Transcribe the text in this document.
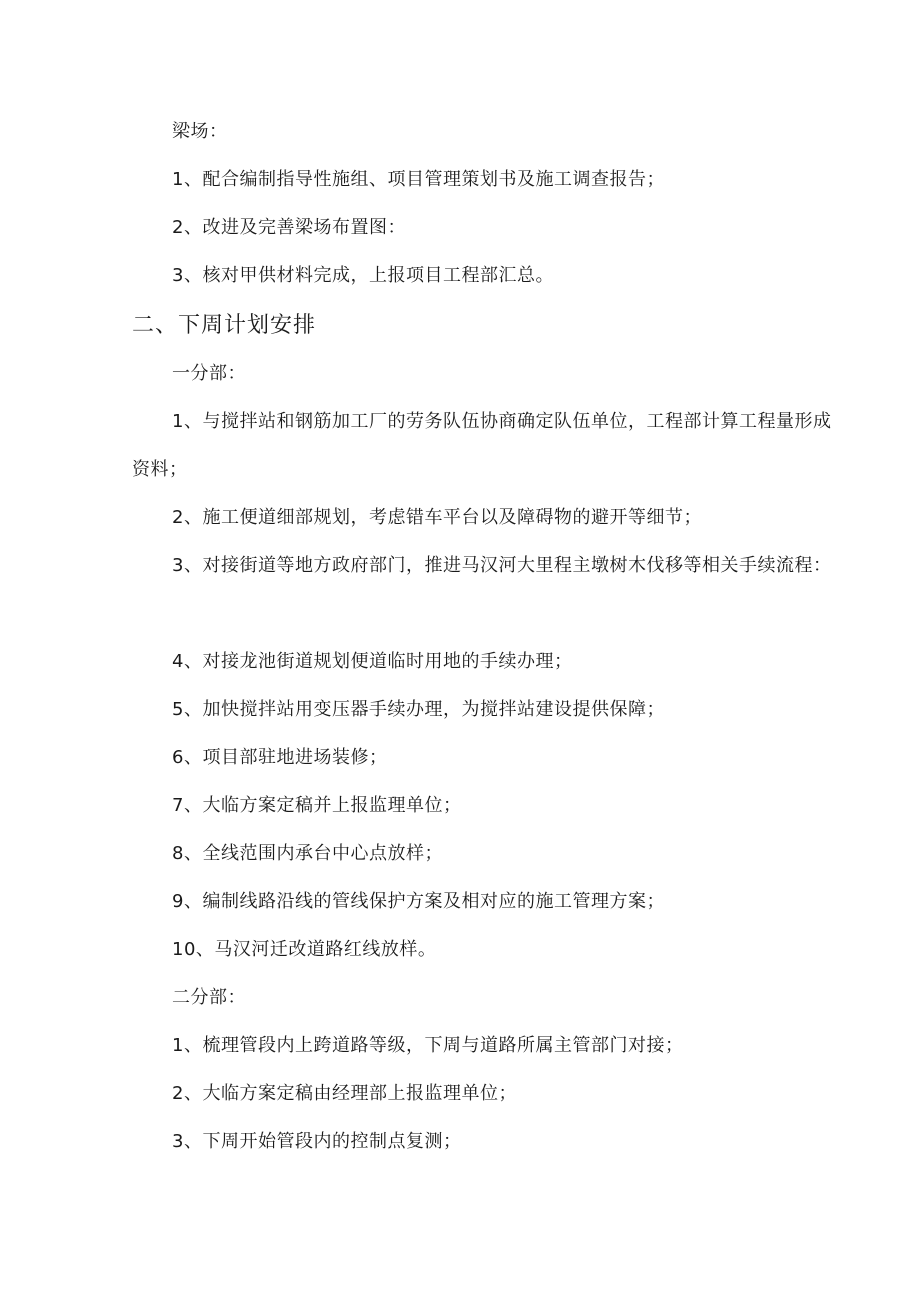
梁场：
1、配合编制指导性施组、项目管理策划书及施工调查报告；
2、改进及完善梁场布置图：
3、核对甲供材料完成，上报项目工程部汇总。
二、下周计划安排
一分部：
1、与搅拌站和钢筋加工厂的劳务队伍协商确定队伍单位，工程部计算工程量形成资料；
2、施工便道细部规划，考虑错车平台以及障碍物的避开等细节；
3、对接街道等地方政府部门，推进马汉河大里程主墩树木伐移等相关手续流程：
4、对接龙池街道规划便道临时用地的手续办理；
5、加快搅拌站用变压器手续办理，为搅拌站建设提供保障；
6、项目部驻地进场装修；
7、大临方案定稿并上报监理单位；
8、全线范围内承台中心点放样；
9、编制线路沿线的管线保护方案及相对应的施工管理方案；
10、马汉河迁改道路红线放样。
二分部：
1、梳理管段内上跨道路等级，下周与道路所属主管部门对接；
2、大临方案定稿由经理部上报监理单位；
3、下周开始管段内的控制点复测；
